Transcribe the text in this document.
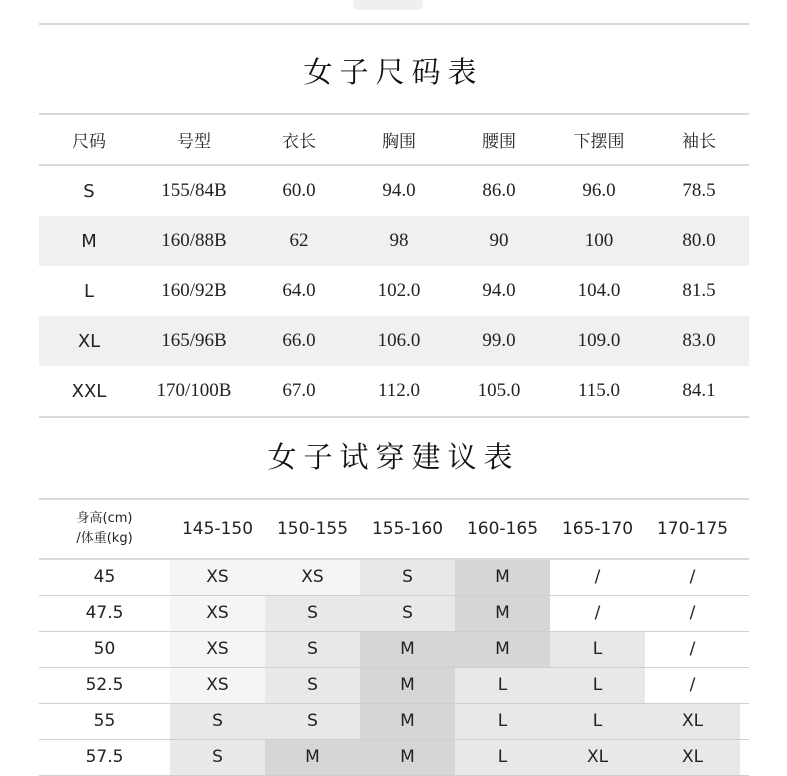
女子尺码表
尺码	号型	衣长	胸围	腰围	下摆围	袖长
S	155/84B	60.0	94.0	86.0	96.0	78.5
M	160/88B	62	98	90	100	80.0
L	160/92B	64.0	102.0	94.0	104.0	81.5
XL	165/96B	66.0	106.0	99.0	109.0	83.0
XXL	170/100B	67.0	112.0	105.0	115.0	84.1
女子试穿建议表
身高(cm)
/体重(kg)	145-150	150-155	155-160	160-165	165-170	170-175
45	XS	XS	S	M	/	/
47.5	XS	S	S	M	/	/
50	XS	S	M	M	L	/
52.5	XS	S	M	L	L	/
55	S	S	M	L	L	XL
57.5	S	M	M	L	XL	XL
